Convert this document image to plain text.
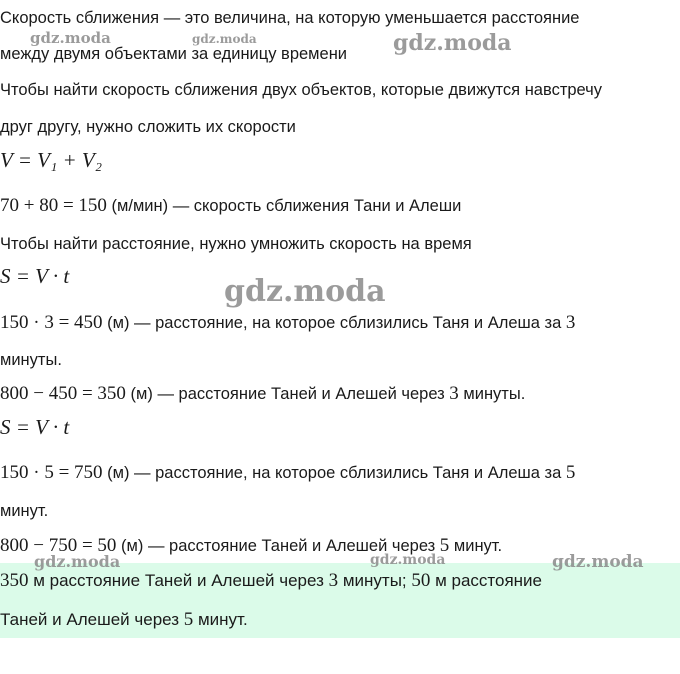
Скорость сближения — это величина, на которую уменьшается расстояние
между двумя объектами за единицу времени
Чтобы найти скорость сближения двух объектов, которые движутся навстречу
друг другу, нужно сложить их скорости
V = V₁ + V₂
70 + 80 = 150 (м/мин) — скорость сближения Тани и Алеши
Чтобы найти расстояние, нужно умножить скорость на время
S = V · t
150 · 3 = 450 (м) — расстояние, на которое сблизились Таня и Алеша за 3
минуты.
800 − 450 = 350 (м) — расстояние Таней и Алешей через 3 минуты.
S = V · t
150 · 5 = 750 (м) — расстояние, на которое сблизились Таня и Алеша за 5
минут.
800 − 750 = 50 (м) — расстояние Таней и Алешей через 5 минут.
350 м расстояние Таней и Алешей через 3 минуты; 50 м расстояние
Таней и Алешей через 5 минут.
gdz.moda	gdz.moda	gdz.moda
gdz.moda
gdz.moda	gdz.moda	gdz.moda
